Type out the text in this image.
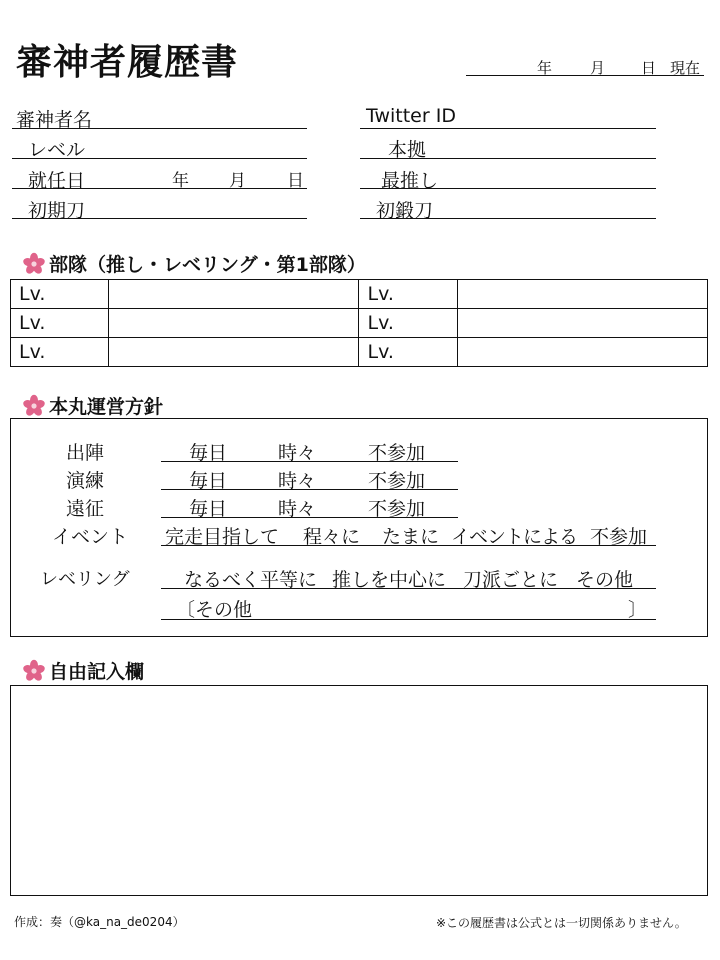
審神者履歴書	年	月 日 現在
審神者名
レベル
就任日	年 月 日
初期刀
Twitter ID
本拠
最推し
初鍛刀
部隊（推し・レベリング・第1部隊）
Lv.		Lv.	
Lv.		Lv.	
Lv.		Lv.	
本丸運営方針
出陣	毎日	時々	不参加
演練	毎日	時々	不参加
遠征	毎日	時々	不参加
イベント 完走目指して 程々に たまに イベントによる 不参加
レベリング	なるべく平等に 推しを中心に 刀派ごとに その他
〔その他	〕
自由記入欄
作成：奏（@ka_na_de0204）	※この履歴書は公式とは一切関係ありません。
